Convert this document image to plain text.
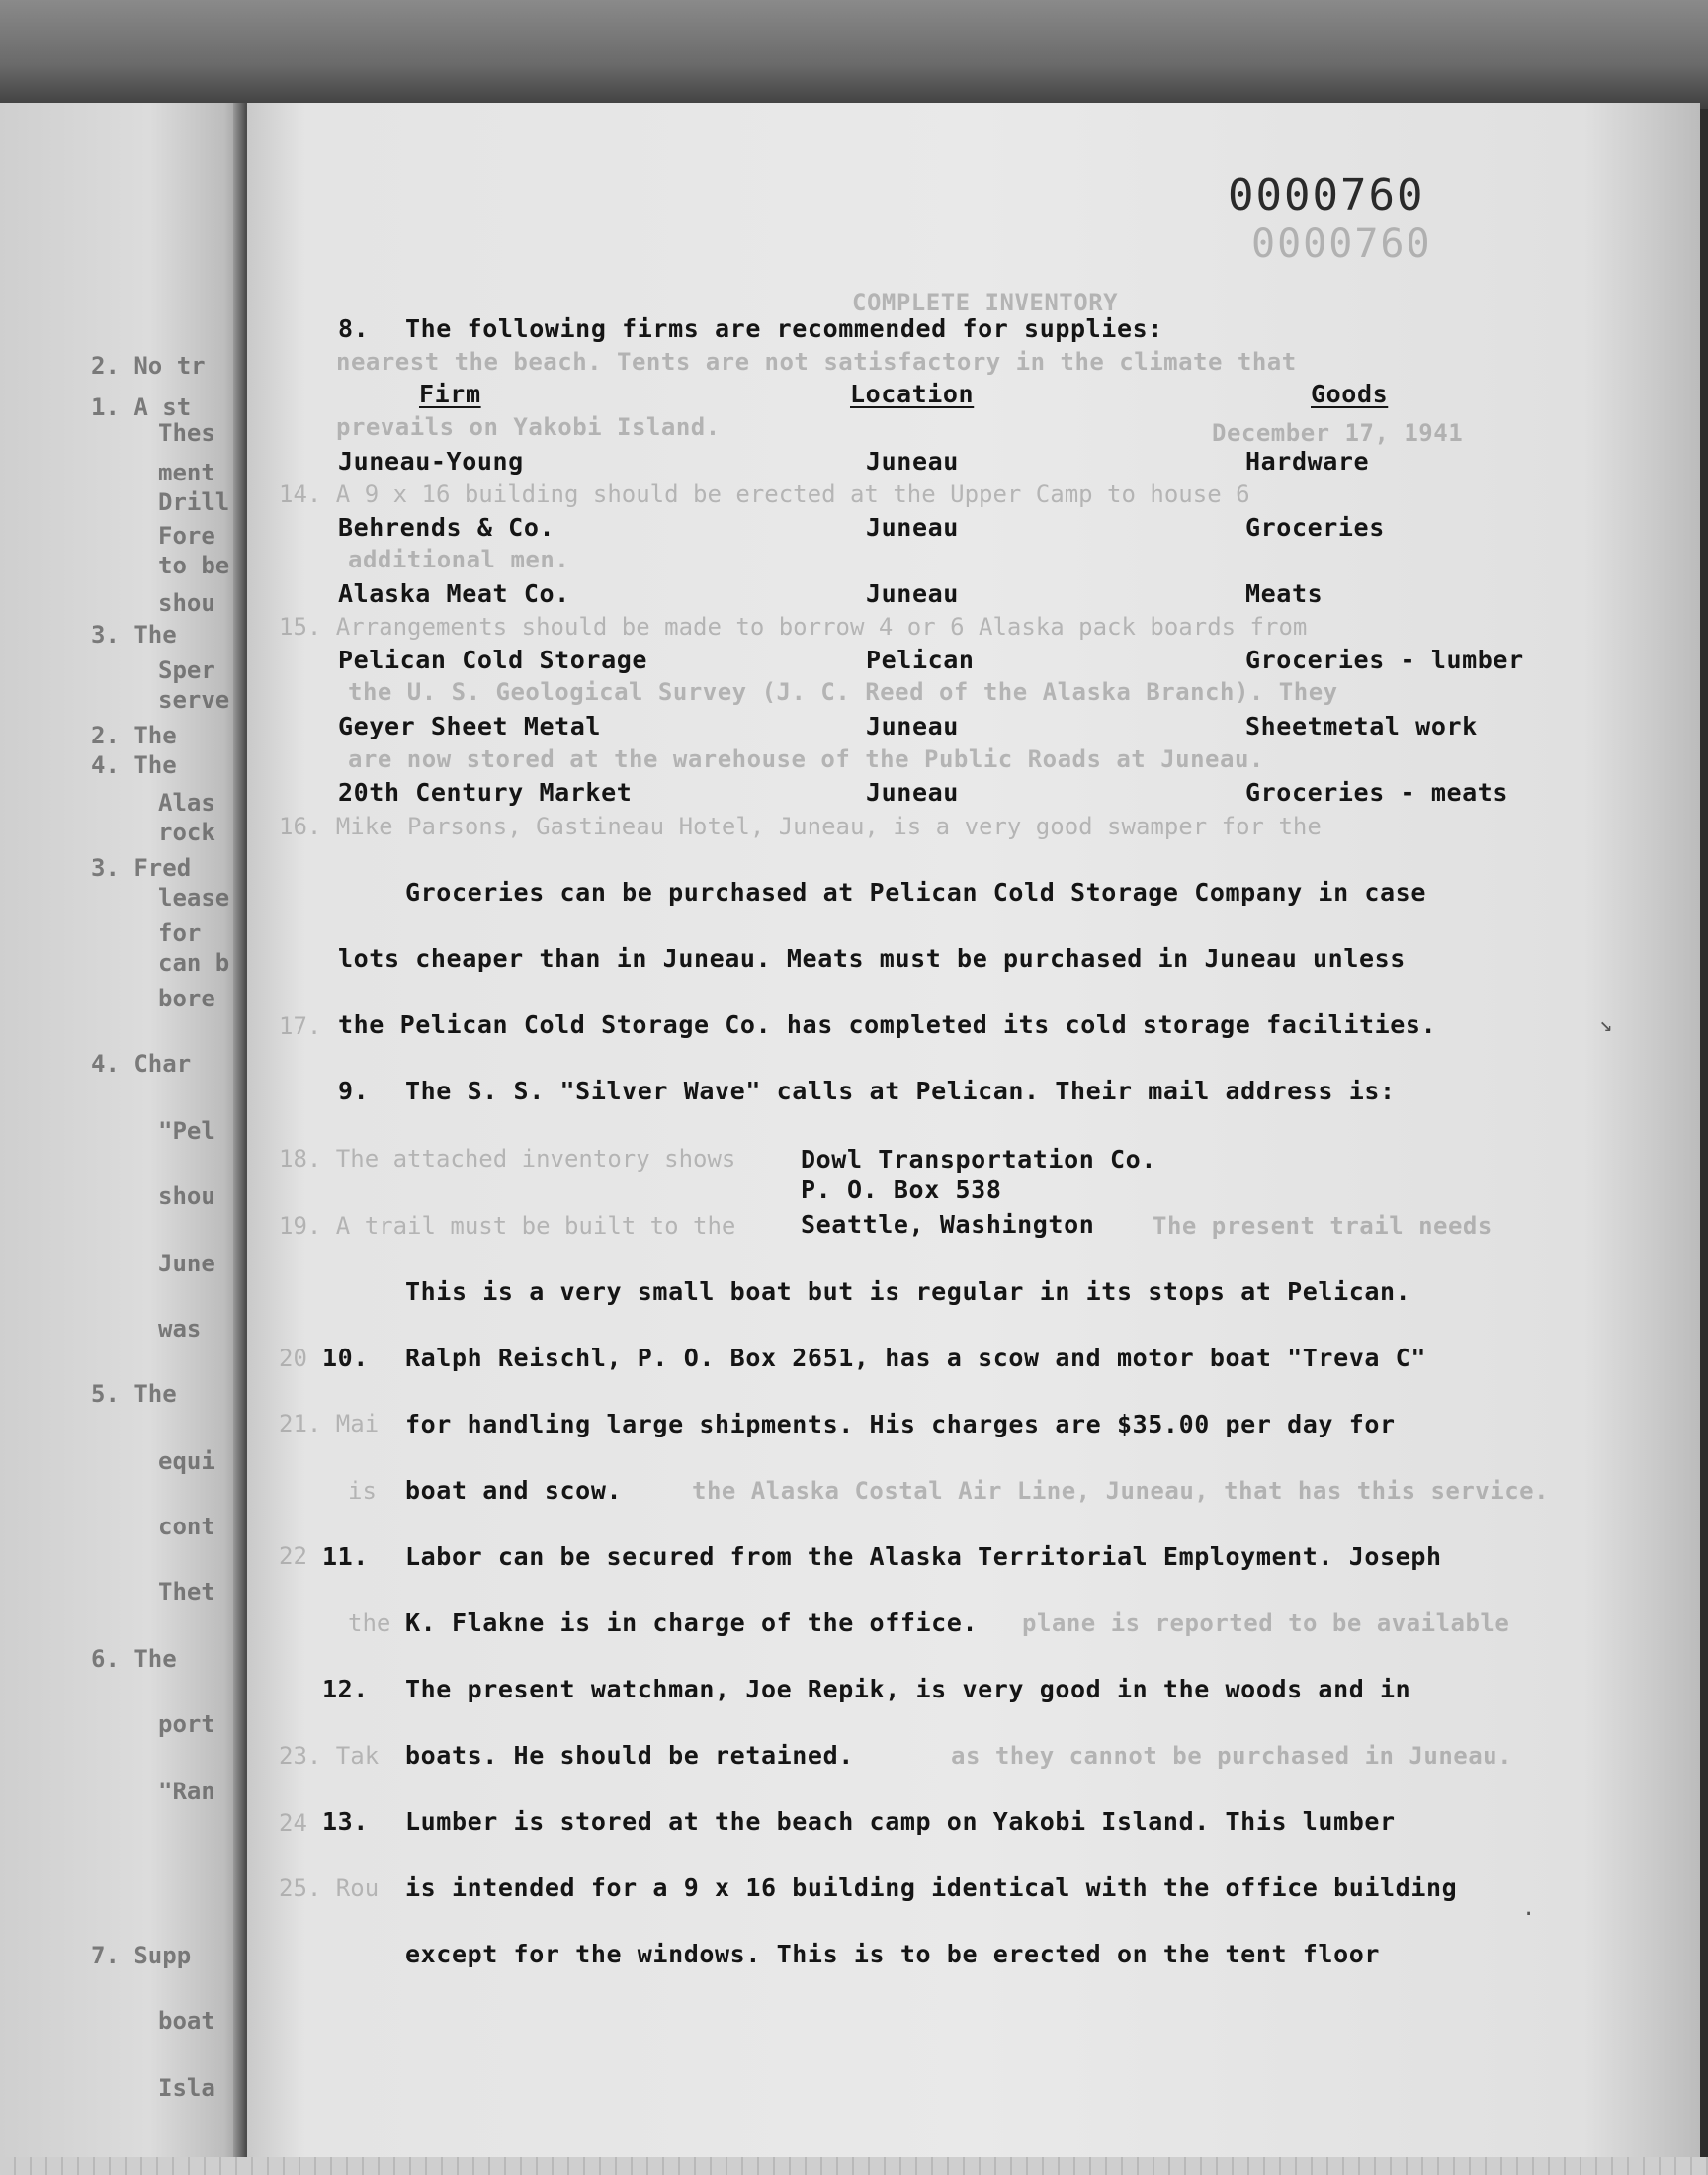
2. No tr
1. A st
Thes
ment
Drill
Fore
to be
shou
3. The
Sper
serve
2. The
4. The
Alas
rock
3. Fred
lease
for
can b
bore
4. Char
"Pel
shou
June
was
5. The
equi
cont
Thet
6. The
port
"Ran
7. Supp
boat
Isla
COMPLETE INVENTORY
December 17, 1941
nearest the beach. Tents are not satisfactory in the climate that
prevails on Yakobi Island.
14. A 9 x 16 building should be erected at the Upper Camp to house 6
additional men.
15. Arrangements should be made to borrow 4 or 6 Alaska pack boards from
the U. S. Geological Survey (J. C. Reed of the Alaska Branch). They
are now stored at the warehouse of the Public Roads at Juneau.
16. Mike Parsons, Gastineau Hotel, Juneau, is a very good swamper for the
17.
18. The attached inventory shows
19. A trail must be built to the	The present trail needs
20
21. Mai
is	the Alaska Costal Air Line, Juneau, that has this service.
22
the	plane is reported to be available
23. Tak	as they cannot be purchased in Juneau.
24
25. Rou
0000760
0000760
8. The following firms are recommended for supplies:
Firm	Location	Goods
Juneau-Young	Juneau	Hardware
Behrends & Co.	Juneau	Groceries
Alaska Meat Co.	Juneau	Meats
Pelican Cold Storage	Pelican	Groceries - lumber
Geyer Sheet Metal	Juneau	Sheetmetal work
20th Century Market	Juneau	Groceries - meats
Groceries can be purchased at Pelican Cold Storage Company in case
lots cheaper than in Juneau. Meats must be purchased in Juneau unless
the Pelican Cold Storage Co. has completed its cold storage facilities.
9. The S. S. "Silver Wave" calls at Pelican. Their mail address is:
Dowl Transportation Co.
P. O. Box 538
Seattle, Washington
This is a very small boat but is regular in its stops at Pelican.
10. Ralph Reischl, P. O. Box 2651, has a scow and motor boat "Treva C"
for handling large shipments. His charges are $35.00 per day for
boat and scow.
11. Labor can be secured from the Alaska Territorial Employment. Joseph
K. Flakne is in charge of the office.
12. The present watchman, Joe Repik, is very good in the woods and in
boats. He should be retained.
13. Lumber is stored at the beach camp on Yakobi Island. This lumber
is intended for a 9 x 16 building identical with the office building
except for the windows. This is to be erected on the tent floor
↘
·
